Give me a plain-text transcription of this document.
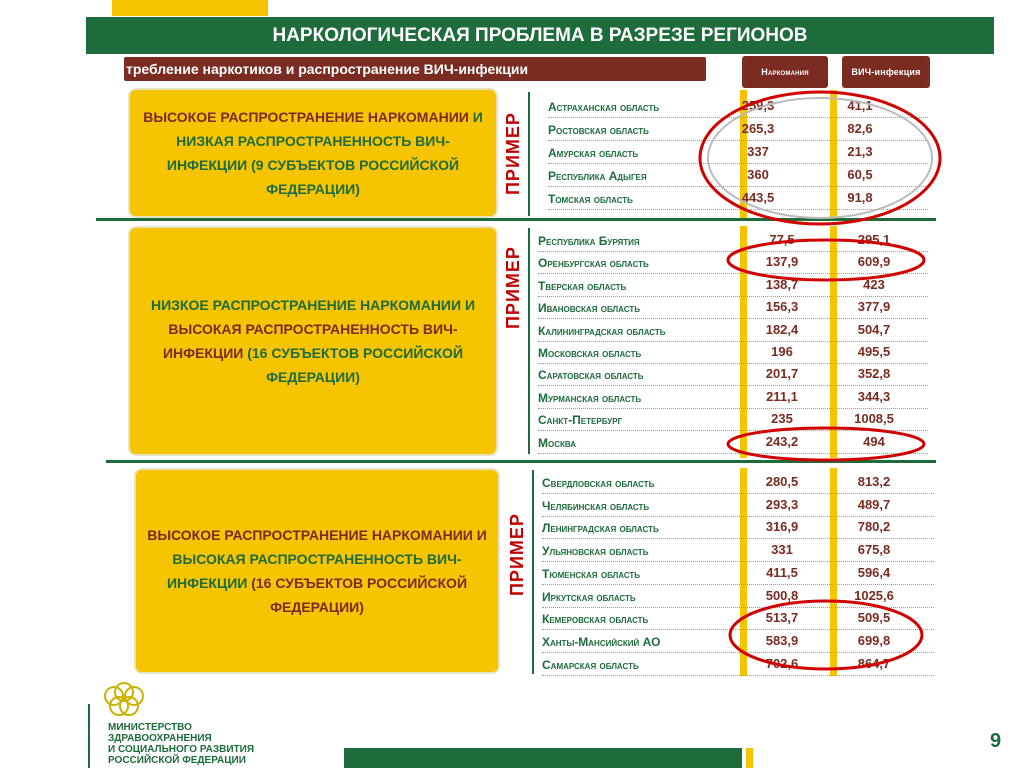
НАРКОЛОГИЧЕСКАЯ ПРОБЛЕМА В РАЗРЕЗЕ РЕГИОНОВ
требление наркотиков и распространение ВИЧ-инфекции	Наркомания	ВИЧ-инфекция
ВЫСОКОЕ РАСПРОСТРАНЕНИЕ НАРКОМАНИИ И НИЗКАЯ РАСПРОСТРАНЕННОСТЬ ВИЧ-ИНФЕКЦИИ (9 СУБЪЕКТОВ РОССИЙСКОЙ ФЕДЕРАЦИИ)	ПРИМЕР
Астраханская область	259,3	41,1
Ростовская область	265,3	82,6
Амурская область	337	21,3
Республика Адыгея	360	60,5
Томская область	443,5	91,8
НИЗКОЕ РАСПРОСТРАНЕНИЕ НАРКОМАНИИ И ВЫСОКАЯ РАСПРОСТРАНЕННОСТЬ ВИЧ-ИНФЕКЦИИ (16 СУБЪЕКТОВ РОССИЙСКОЙ ФЕДЕРАЦИИ)
ПРИМЕР
Республика Бурятия	77,5	295,1
Оренбургская область	137,9	609,9
Тверская область	138,7	423
Ивановская область	156,3	377,9
Калининградская область	182,4	504,7
Московская область	196	495,5
Саратовская область	201,7	352,8
Мурманская область	211,1	344,3
Санкт-Петербург	235	1008,5
Москва	243,2	494
ВЫСОКОЕ РАСПРОСТРАНЕНИЕ НАРКОМАНИИ И ВЫСОКАЯ РАСПРОСТРАНЕННОСТЬ ВИЧ-ИНФЕКЦИИ (16 СУБЪЕКТОВ РОССИЙСКОЙ ФЕДЕРАЦИИ)
ПРИМЕР
Свердловская область	280,5	813,2
Челябинская область	293,3	489,7
Ленинградская область	316,9	780,2
Ульяновская область	331	675,8
Тюменская область	411,5	596,4
Иркутская область	500,8	1025,6
Кемеровская область	513,7	509,5
Ханты-Мансийский АО	583,9	699,8
Самарская область	702,6	864,7
МИНИСТЕРСТВО
ЗДРАВООХРАНЕНИЯ
И СОЦИАЛЬНОГО РАЗВИТИЯ
РОССИЙСКОЙ ФЕДЕРАЦИИ
9
